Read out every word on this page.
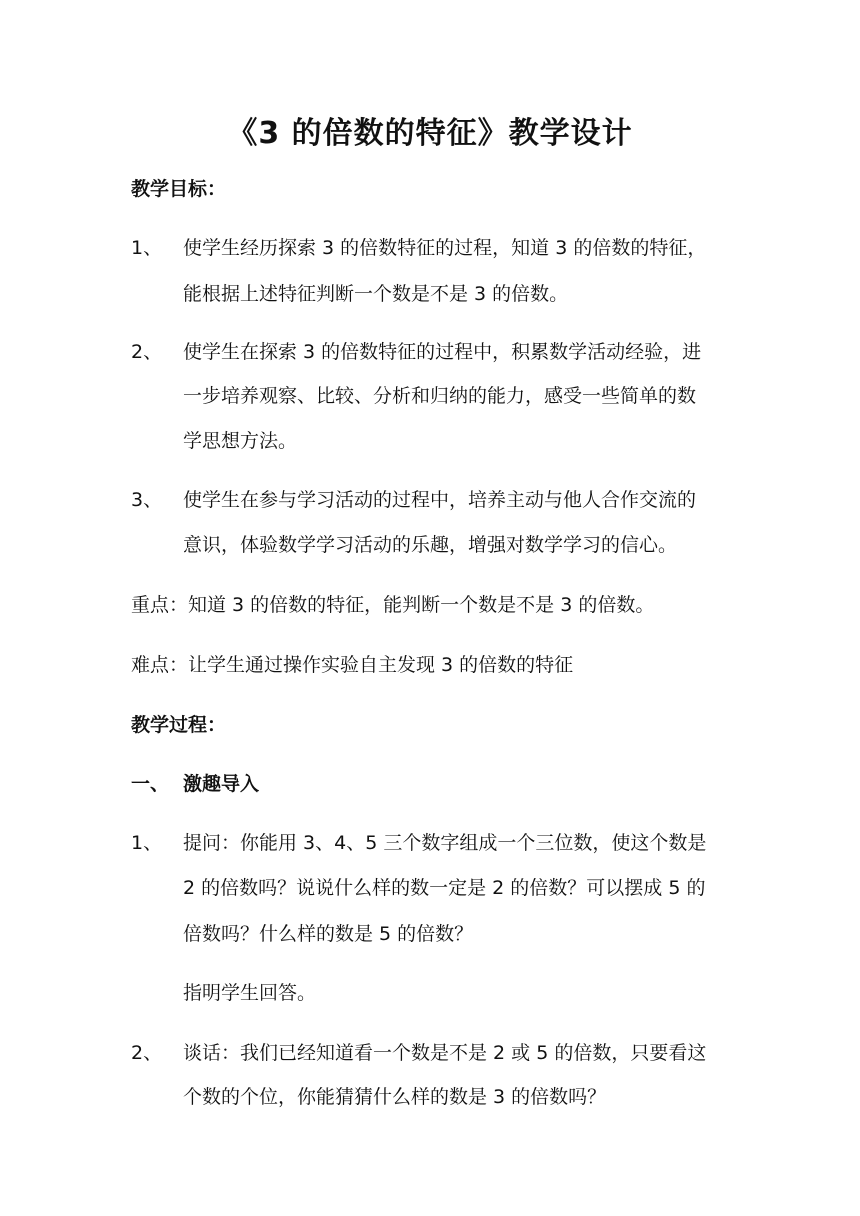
《3 的倍数的特征》教学设计
教学目标：
1、 使学生经历探索 3 的倍数特征的过程，知道 3 的倍数的特征，
能根据上述特征判断一个数是不是 3 的倍数。
2、 使学生在探索 3 的倍数特征的过程中，积累数学活动经验，进
一步培养观察、比较、分析和归纳的能力，感受一些简单的数
学思想方法。
3、 使学生在参与学习活动的过程中，培养主动与他人合作交流的
意识，体验数学学习活动的乐趣，增强对数学学习的信心。
重点：知道 3 的倍数的特征，能判断一个数是不是 3 的倍数。
难点：让学生通过操作实验自主发现 3 的倍数的特征
教学过程：
一、 激趣导入
1、 提问：你能用 3、4、5 三个数字组成一个三位数，使这个数是
2 的倍数吗？说说什么样的数一定是 2 的倍数？可以摆成 5 的
倍数吗？什么样的数是 5 的倍数？
指明学生回答。
2、 谈话：我们已经知道看一个数是不是 2 或 5 的倍数，只要看这
个数的个位，你能猜猜什么样的数是 3 的倍数吗？
